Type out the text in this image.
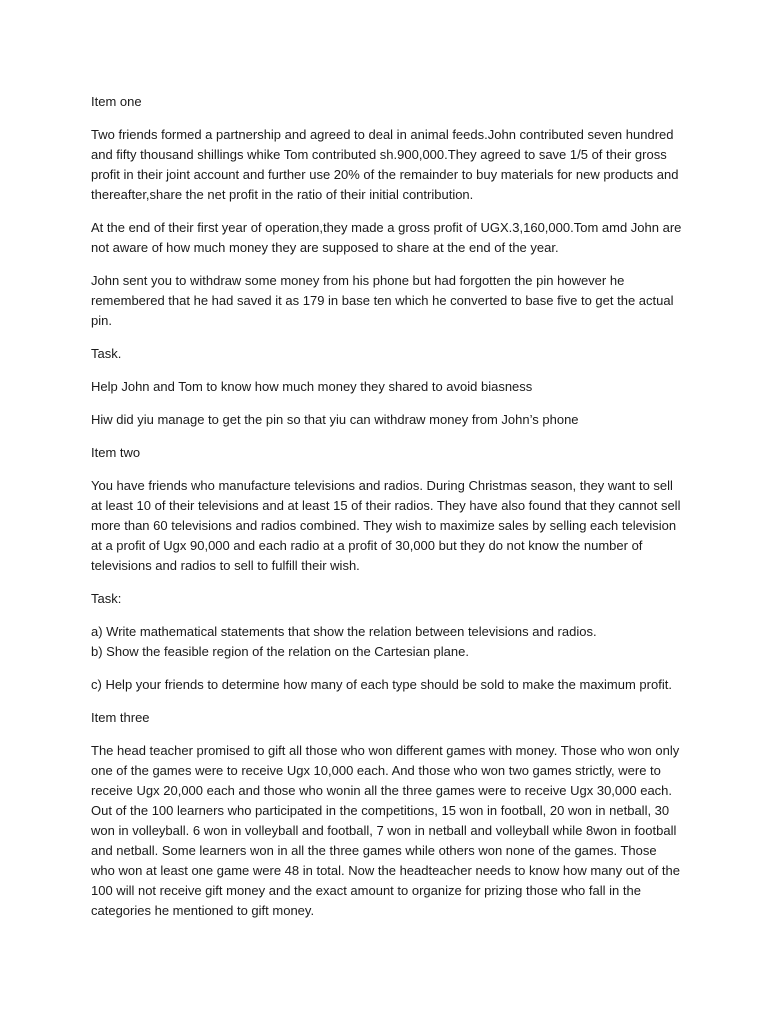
Item one

Two friends formed a partnership and agreed to deal in animal feeds.John contributed seven hundred and fifty thousand shillings whike Tom contributed sh.900,000.They agreed to save 1/5 of their gross profit in their joint account and further use 20% of the remainder to buy materials for new products and thereafter,share the net profit in the ratio of their initial contribution.

At the end of their first year of operation,they made a gross profit of UGX.3,160,000.Tom amd John are not aware of how much money they are supposed to share at the end of the year.

John sent you to withdraw some money from his phone but had forgotten the pin however he remembered that he had saved it as 179 in base ten which he converted to base five to get the actual pin.

Task.

Help John and Tom to know how much money they shared to avoid biasness

Hiw did yiu manage to get the pin so that yiu can withdraw money from John’s phone

Item two

You have friends who manufacture televisions and radios. During Christmas season, they want to sell at least 10 of their televisions and at least 15 of their radios. They have also found that they cannot sell more than 60 televisions and radios combined. They wish to maximize sales by selling each television at a profit of Ugx 90,000 and each radio at a profit of 30,000 but they do not know the number of televisions and radios to sell to fulfill their wish.

Task:

a) Write mathematical statements that show the relation between televisions and radios.

b) Show the feasible region of the relation on the Cartesian plane.

c) Help your friends to determine how many of each type should be sold to make the maximum profit.

Item three

The head teacher promised to gift all those who won different games with money. Those who won only one of the games were to receive Ugx 10,000 each. And those who won two games strictly, were to receive Ugx 20,000 each and those who wonin all the three games were to receive Ugx 30,000 each. Out of the 100 learners who participated in the competitions, 15 won in football, 20 won in netball, 30 won in volleyball. 6 won in volleyball and football, 7 won in netball and volleyball while 8won in football and netball. Some learners won in all the three games while others won none of the games. Those who won at least one game were 48 in total. Now the headteacher needs to know how many out of the 100 will not receive gift money and the exact amount to organize for prizing those who fall in the categories he mentioned to gift money.
